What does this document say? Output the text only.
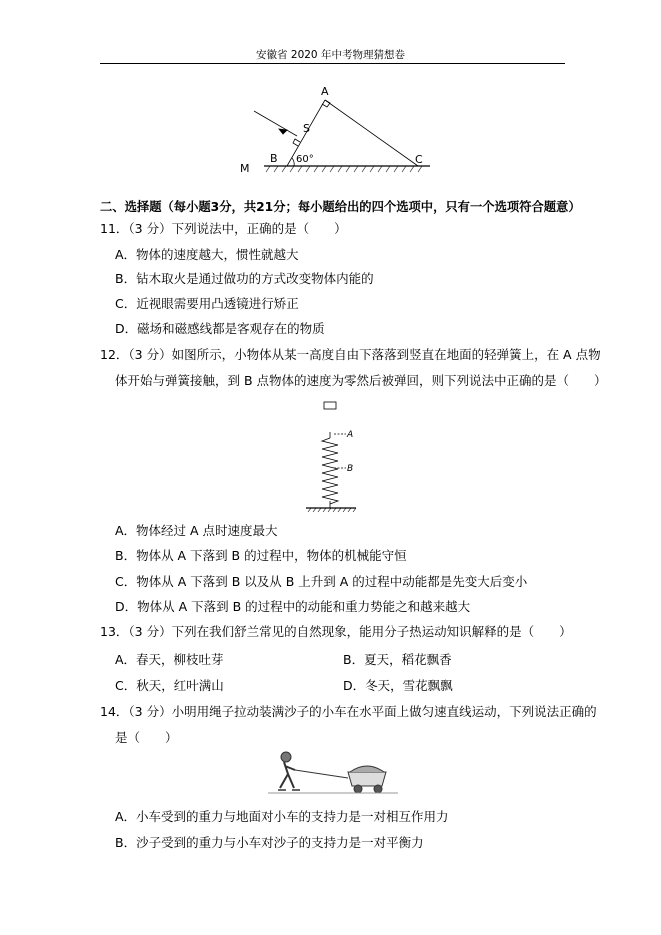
安徽省 2020 年中考物理猜想卷
A
S
B 60°
M
C
二、选择题（每小题3分，共21分；每小题给出的四个选项中，只有一个选项符合题意）
11．（3 分）下列说法中，正确的是（　　）
A．物体的速度越大，惯性就越大
B．钻木取火是通过做功的方式改变物体内能的
C．近视眼需要用凸透镜进行矫正
D．磁场和磁感线都是客观存在的物质
12．（3 分）如图所示，小物体从某一高度自由下落落到竖直在地面的轻弹簧上，在 A 点物
体开始与弹簧接触，到 B 点物体的速度为零然后被弹回，则下列说法中正确的是（　　）
A
B
A．物体经过 A 点时速度最大
B．物体从 A 下落到 B 的过程中，物体的机械能守恒
C．物体从 A 下落到 B 以及从 B 上升到 A 的过程中动能都是先变大后变小
D．物体从 A 下落到 B 的过程中的动能和重力势能之和越来越大
13．（3 分）下列在我们舒兰常见的自然现象，能用分子热运动知识解释的是（　　）
A．春天，柳枝吐芽	B．夏天，稻花飘香
C．秋天，红叶满山	D．冬天，雪花飘飘
14．（3 分）小明用绳子拉动装满沙子的小车在水平面上做匀速直线运动，下列说法正确的
是（　　）
A．小车受到的重力与地面对小车的支持力是一对相互作用力
B．沙子受到的重力与小车对沙子的支持力是一对平衡力
